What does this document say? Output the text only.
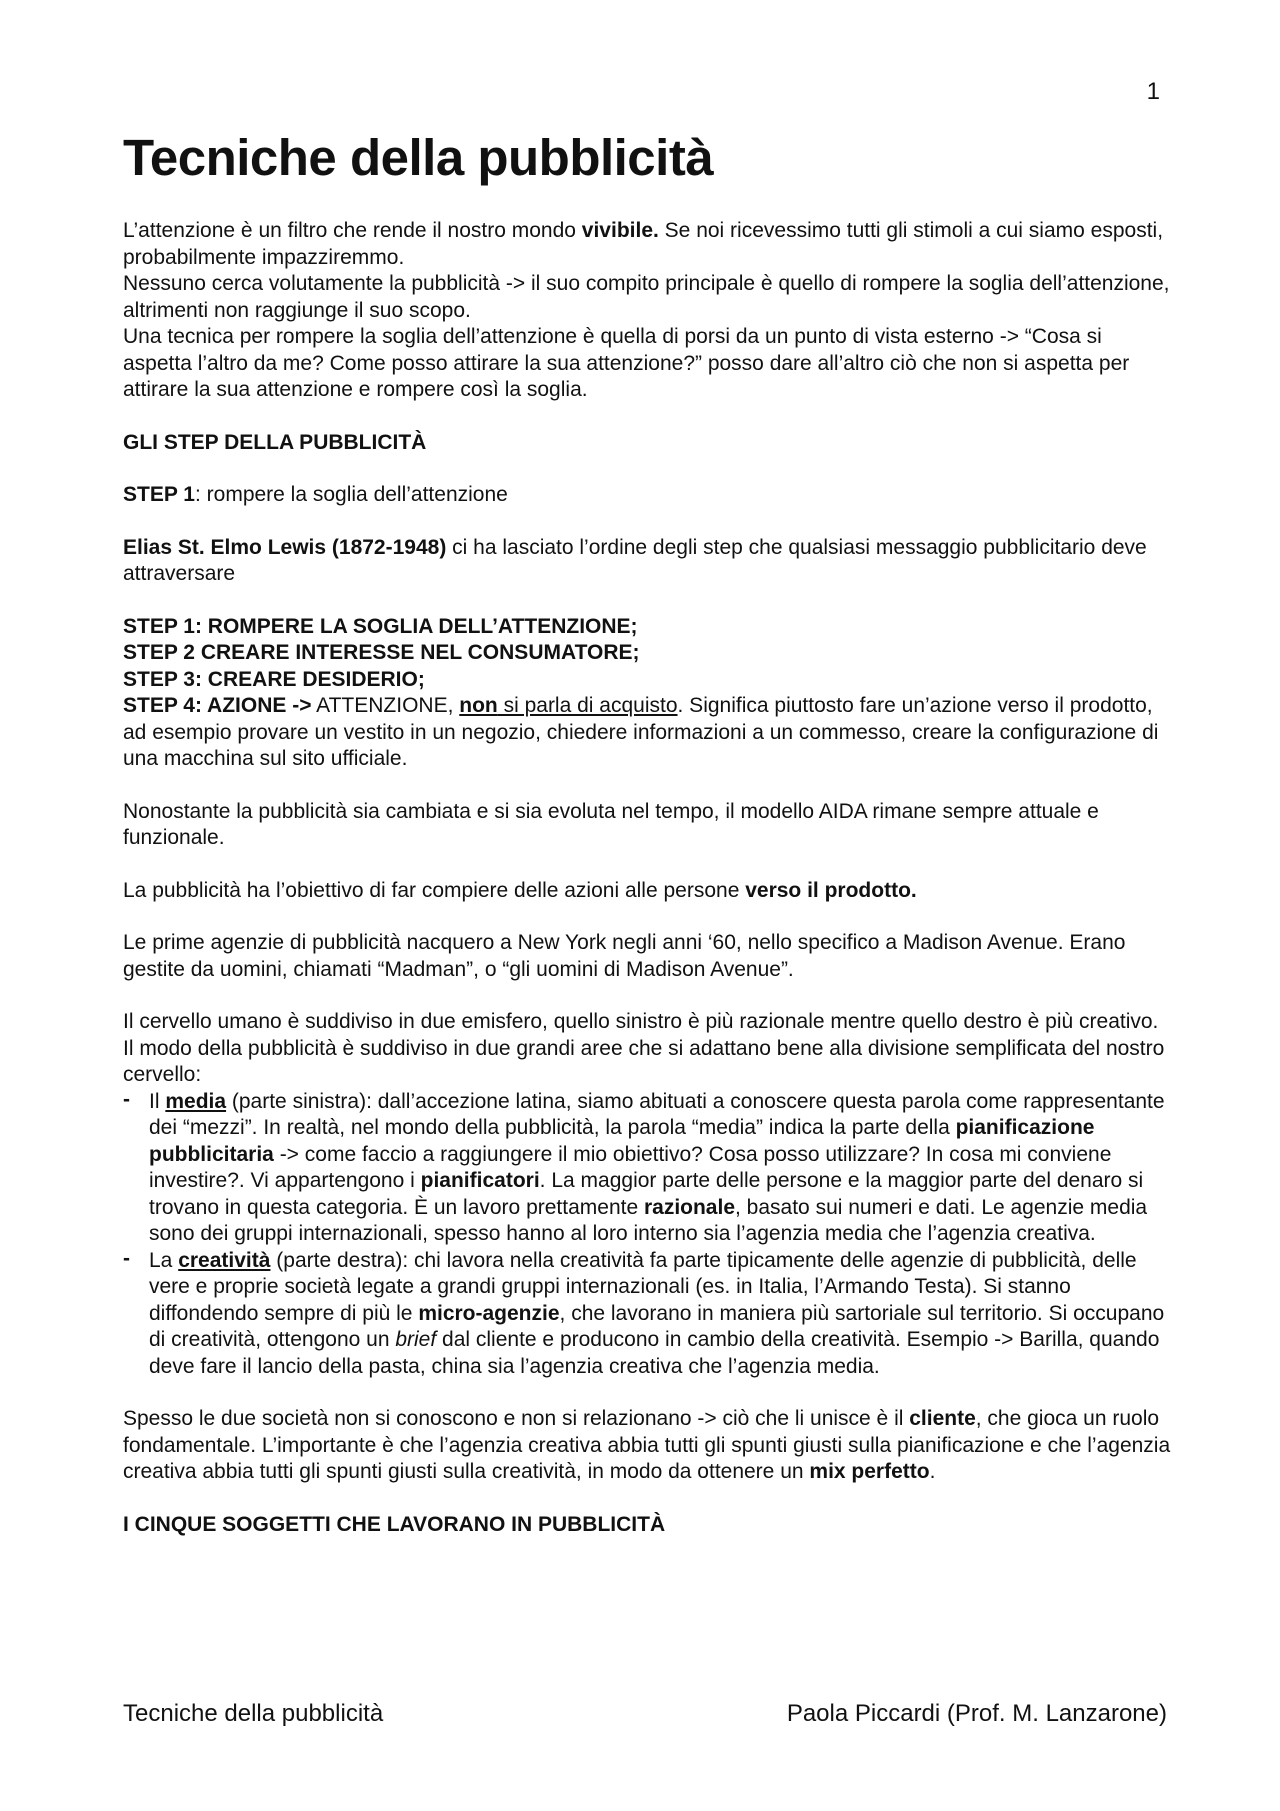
1
Tecniche della pubblicità

L’attenzione è un filtro che rende il nostro mondo vivibile. Se noi ricevessimo tutti gli stimoli a cui siamo esposti, probabilmente impazziremmo.

Nessuno cerca volutamente la pubblicità -> il suo compito principale è quello di rompere la soglia dell’attenzione, altrimenti non raggiunge il suo scopo.

Una tecnica per rompere la soglia dell’attenzione è quella di porsi da un punto di vista esterno -> “Cosa si aspetta l’altro da me? Come posso attirare la sua attenzione?” posso dare all’altro ciò che non si aspetta per attirare la sua attenzione e rompere così la soglia.

GLI STEP DELLA PUBBLICITÀ

STEP 1: rompere la soglia dell’attenzione

Elias St. Elmo Lewis (1872-1948) ci ha lasciato l’ordine degli step che qualsiasi messaggio pubblicitario deve attraversare

STEP 1: ROMPERE LA SOGLIA DELL’ATTENZIONE;
STEP 2 CREARE INTERESSE NEL CONSUMATORE;
STEP 3: CREARE DESIDERIO;
STEP 4: AZIONE -> ATTENZIONE, non si parla di acquisto. Significa piuttosto fare un’azione verso il prodotto, ad esempio provare un vestito in un negozio, chiedere informazioni a un commesso, creare la configurazione di una macchina sul sito ufficiale.

Nonostante la pubblicità sia cambiata e si sia evoluta nel tempo, il modello AIDA rimane sempre attuale e funzionale.

La pubblicità ha l’obiettivo di far compiere delle azioni alle persone verso il prodotto.

Le prime agenzie di pubblicità nacquero a New York negli anni ‘60, nello specifico a Madison Avenue. Erano gestite da uomini, chiamati “Madman”, o “gli uomini di Madison Avenue”.

Il cervello umano è suddiviso in due emisfero, quello sinistro è più razionale mentre quello destro è più creativo. Il modo della pubblicità è suddiviso in due grandi aree che si adattano bene alla divisione semplificata del nostro cervello:

- Il media (parte sinistra): dall’accezione latina, siamo abituati a conoscere questa parola come rappresentante dei “mezzi”. In realtà, nel mondo della pubblicità, la parola “media” indica la parte della pianificazione pubblicitaria -> come faccio a raggiungere il mio obiettivo? Cosa posso utilizzare? In cosa mi conviene investire?. Vi appartengono i pianificatori. La maggior parte delle persone e la maggior parte del denaro si trovano in questa categoria. È un lavoro prettamente razionale, basato sui numeri e dati. Le agenzie media sono dei gruppi internazionali, spesso hanno al loro interno sia l’agenzia media che l’agenzia creativa.
- La creatività (parte destra): chi lavora nella creatività fa parte tipicamente delle agenzie di pubblicità, delle vere e proprie società legate a grandi gruppi internazionali (es. in Italia, l’Armando Testa). Si stanno diffondendo sempre di più le micro-agenzie, che lavorano in maniera più sartoriale sul territorio. Si occupano di creatività, ottengono un brief dal cliente e producono in cambio della creatività. Esempio -> Barilla, quando deve fare il lancio della pasta, china sia l’agenzia creativa che l’agenzia media.

Spesso le due società non si conoscono e non si relazionano -> ciò che li unisce è il cliente, che gioca un ruolo fondamentale. L’importante è che l’agenzia creativa abbia tutti gli spunti giusti sulla pianificazione e che l’agenzia creativa abbia tutti gli spunti giusti sulla creatività, in modo da ottenere un mix perfetto.

I CINQUE SOGGETTI CHE LAVORANO IN PUBBLICITÀ

Tecniche della pubblicità	Paola Piccardi (Prof. M. Lanzarone)
